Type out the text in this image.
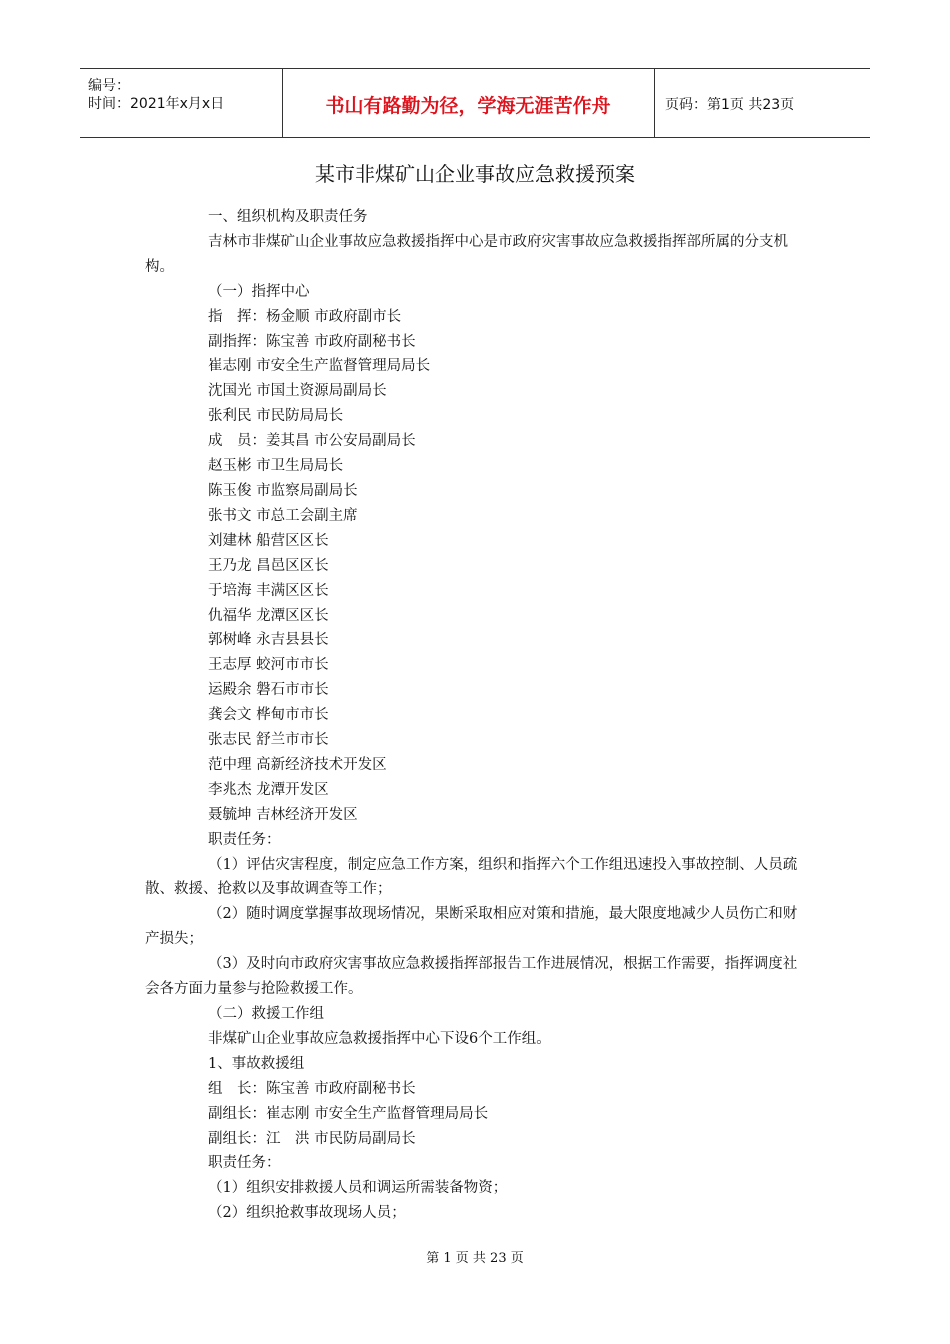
编号：
时间：2021年x月x日	书山有路勤为径，学海无涯苦作舟	页码：第1页 共23页
某市非煤矿山企业事故应急救援预案

一、组织机构及职责任务

吉林市非煤矿山企业事故应急救援指挥中心是市政府灾害事故应急救援指挥部所属的分支机构。

（一）指挥中心

指　挥：杨金顺 市政府副市长

副指挥：陈宝善 市政府副秘书长

崔志刚 市安全生产监督管理局局长

沈国光 市国土资源局副局长

张利民 市民防局局长

成　员：姜其昌 市公安局副局长

赵玉彬 市卫生局局长

陈玉俊 市监察局副局长

张书文 市总工会副主席

刘建林 船营区区长

王乃龙 昌邑区区长

于培海 丰满区区长

仇福华 龙潭区区长

郭树峰 永吉县县长

王志厚 蛟河市市长

运殿余 磐石市市长

龚会文 桦甸市市长

张志民 舒兰市市长

范中理 高新经济技术开发区

李兆杰 龙潭开发区

聂毓坤 吉林经济开发区

职责任务：

（1）评估灾害程度，制定应急工作方案，组织和指挥六个工作组迅速投入事故控制、人员疏散、救援、抢救以及事故调查等工作；

（2）随时调度掌握事故现场情况，果断采取相应对策和措施，最大限度地减少人员伤亡和财产损失；

（3）及时向市政府灾害事故应急救援指挥部报告工作进展情况，根据工作需要，指挥调度社会各方面力量参与抢险救援工作。

（二）救援工作组

非煤矿山企业事故应急救援指挥中心下设6个工作组。

1、事故救援组

组　长：陈宝善 市政府副秘书长

副组长：崔志刚 市安全生产监督管理局局长

副组长：江　洪 市民防局副局长

职责任务：

（1）组织安排救援人员和调运所需装备物资；

（2）组织抢救事故现场人员；

第 1 页 共 23 页
